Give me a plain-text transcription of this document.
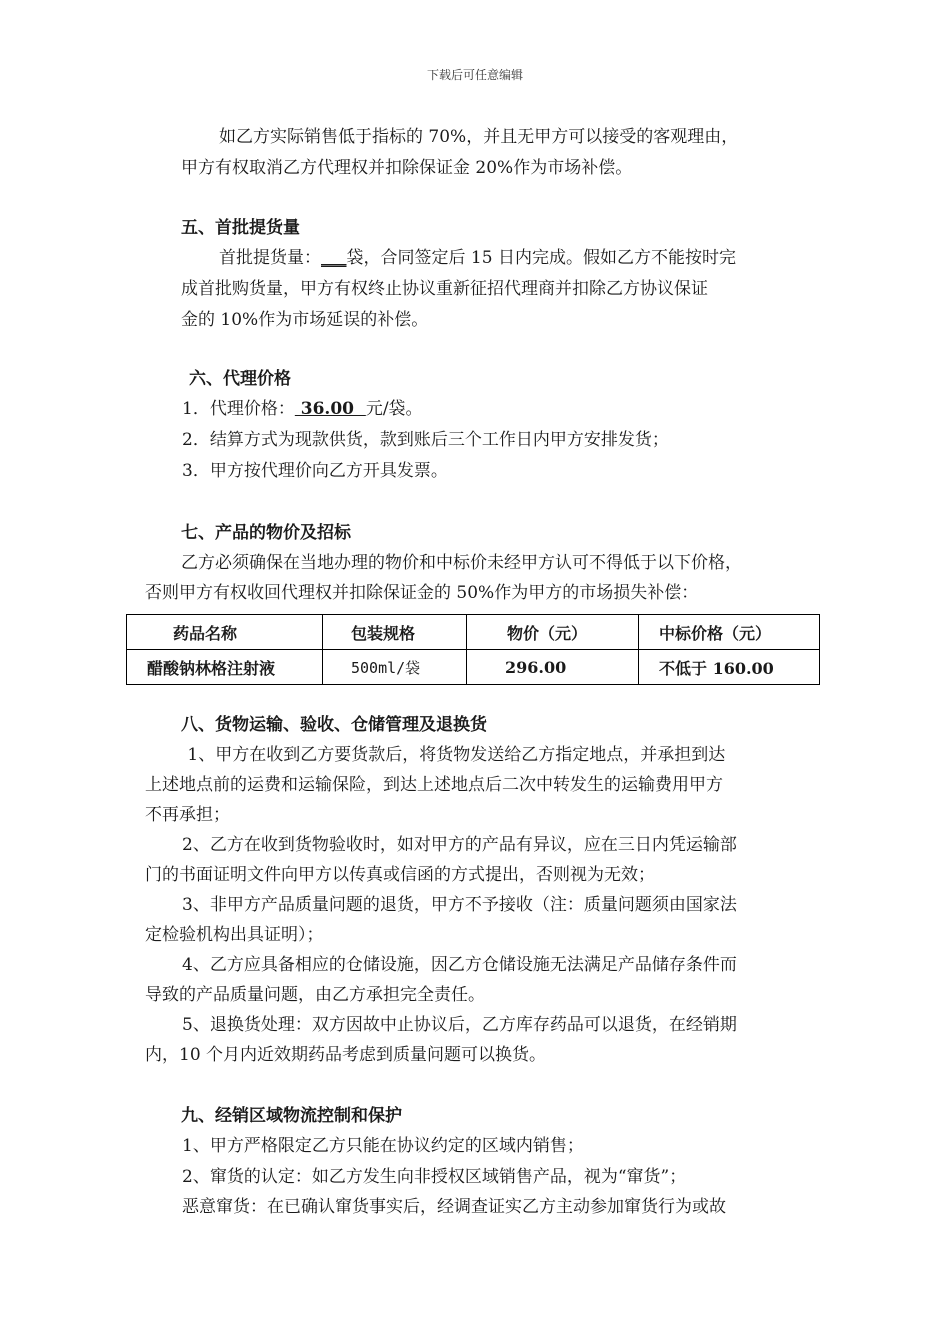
下载后可任意编辑
如乙方实际销售低于指标的 70%，并且无甲方可以接受的客观理由，
甲方有权取消乙方代理权并扣除保证金 20%作为市场补偿。
五、首批提货量
首批提货量：___袋，合同签定后 15 日内完成。假如乙方不能按时完
成首批购货量，甲方有权终止协议重新征招代理商并扣除乙方协议保证
金的 10%作为市场延误的补偿。
六、代理价格
1．代理价格： 36.00  元/袋。
2．结算方式为现款供货，款到账后三个工作日内甲方安排发货；
3．甲方按代理价向乙方开具发票。
七、产品的物价及招标
乙方必须确保在当地办理的物价和中标价未经甲方认可不得低于以下价格，
否则甲方有权收回代理权并扣除保证金的 50%作为甲方的市场损失补偿：
药品名称	包装规格	物价（元）	中标价格（元）
醋酸钠林格注射液	500ml/袋	296.00	不低于 160.00
八、货物运输、验收、仓储管理及退换货
1、甲方在收到乙方要货款后，将货物发送给乙方指定地点，并承担到达
上述地点前的运费和运输保险，到达上述地点后二次中转发生的运输费用甲方
不再承担；
2、乙方在收到货物验收时，如对甲方的产品有异议，应在三日内凭运输部
门的书面证明文件向甲方以传真或信函的方式提出，否则视为无效；
3、非甲方产品质量问题的退货，甲方不予接收（注：质量问题须由国家法
定检验机构出具证明）；
4、乙方应具备相应的仓储设施，因乙方仓储设施无法满足产品储存条件而
导致的产品质量问题，由乙方承担完全责任。
5、退换货处理：双方因故中止协议后，乙方库存药品可以退货，在经销期
内，10 个月内近效期药品考虑到质量问题可以换货。
九、经销区域物流控制和保护
1、甲方严格限定乙方只能在协议约定的区域内销售；
2、窜货的认定：如乙方发生向非授权区域销售产品，视为“窜货”；
恶意窜货：在已确认窜货事实后，经调查证实乙方主动参加窜货行为或故
